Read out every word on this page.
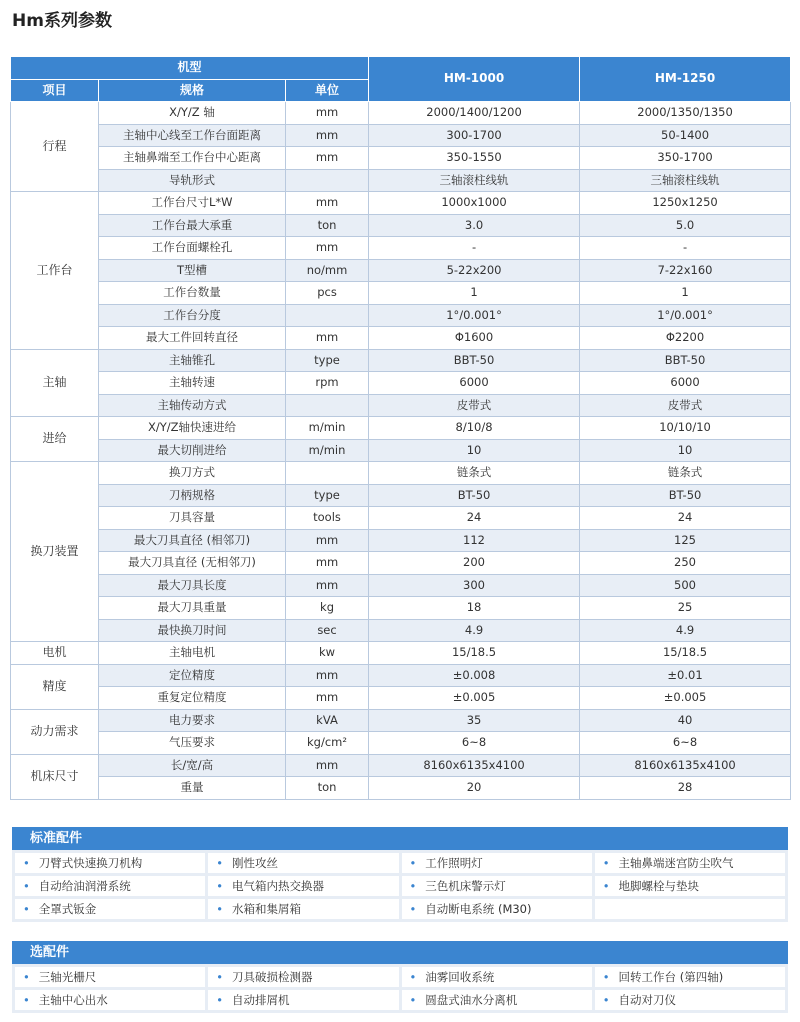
Hm系列参数
机型			HM-1000	HM-1250
项目	规格	单位		
行程	X/Y/Z 轴	mm	2000/1400/1200	2000/1350/1350
	主轴中心线至工作台面距离	mm	300-1700	50-1400
	主轴鼻端至工作台中心距离	mm	350-1550	350-1700
	导轨形式		三轴滚柱线轨	三轴滚柱线轨
工作台	工作台尺寸L*W	mm	1000x1000	1250x1250
	工作台最大承重	ton	3.0	5.0
	工作台面螺栓孔	mm	-	-
	T型槽	no/mm	5-22x200	7-22x160
	工作台数量	pcs	1	1
	工作台分度		1°/0.001°	1°/0.001°
	最大工件回转直径	mm	Φ1600	Φ2200
主轴	主轴锥孔	type	BBT-50	BBT-50
	主轴转速	rpm	6000	6000
	主轴传动方式		皮带式	皮带式
进给	X/Y/Z轴快速进给	m/min	8/10/8	10/10/10
	最大切削进给	m/min	10	10
换刀装置	换刀方式		链条式	链条式
	刀柄规格	type	BT-50	BT-50
	刀具容量	tools	24	24
	最大刀具直径 (相邻刀)	mm	112	125
	最大刀具直径 (无相邻刀)	mm	200	250
	最大刀具长度	mm	300	500
	最大刀具重量	kg	18	25
	最快换刀时间	sec	4.9	4.9
电机	主轴电机	kw	15/18.5	15/18.5
精度	定位精度	mm	±0.008	±0.01
	重复定位精度	mm	±0.005	±0.005
动力需求	电力要求	kVA	35	40
	气压要求	kg/cm²	6~8	6~8
机床尺寸	长/宽/高	mm	8160x6135x4100	8160x6135x4100
	重量	ton	20	28
标准配件
• 刀臂式快速换刀机构	• 刚性攻丝	• 工作照明灯	• 主轴鼻端迷宫防尘吹气
• 自动给油润滑系统	• 电气箱内热交换器	• 三色机床警示灯	• 地脚螺栓与垫块
• 全罩式钣金	• 水箱和集屑箱	• 自动断电系统 (M30)
选配件
• 三轴光栅尺	• 刀具破损检测器	• 油雾回收系统	• 回转工作台 (第四轴)
• 主轴中心出水	• 自动排屑机	• 圆盘式油水分离机	• 自动对刀仪
